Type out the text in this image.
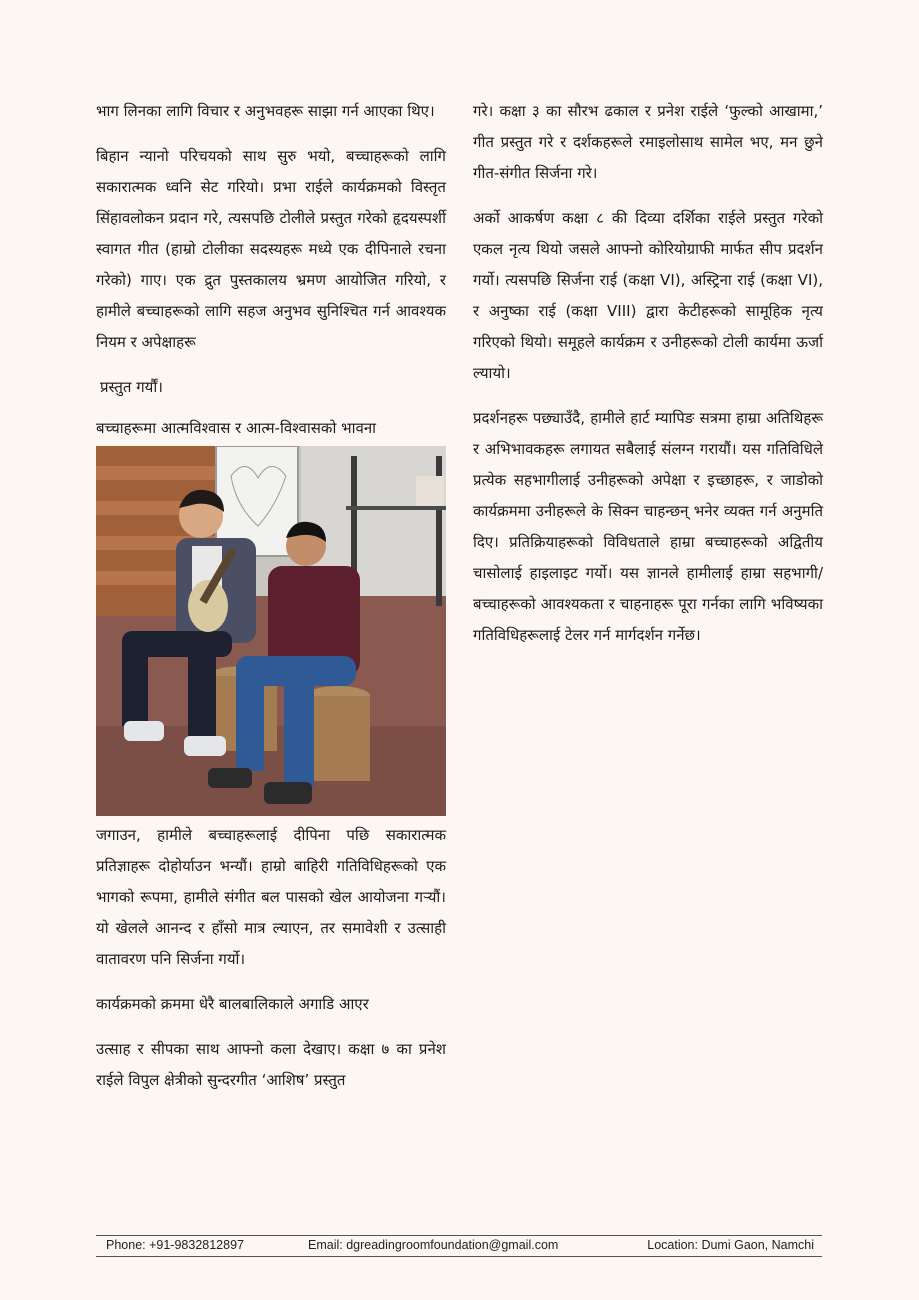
भाग लिनका लागि विचार र अनुभवहरू साझा गर्न आएका थिए।

बिहान न्यानो परिचयको साथ सुरु भयो, बच्चाहरूको लागि सकारात्मक ध्वनि सेट गरियो। प्रभा राईले कार्यक्रमको विस्तृत सिंहावलोकन प्रदान गरे, त्यसपछि टोलीले प्रस्तुत गरेको हृदयस्पर्शी स्वागत गीत (हाम्रो टोलीका सदस्यहरू मध्ये एक दीपिनाले रचना गरेको) गाए। एक द्रुत पुस्तकालय भ्रमण आयोजित गरियो, र हामीले बच्चाहरूको लागि सहज अनुभव सुनिश्चित गर्न आवश्यक नियम र अपेक्षाहरू

प्रस्तुत गर्यौं।

बच्चाहरूमा आत्मविश्वास र आत्म-विश्वासको भावना

जगाउन, हामीले बच्चाहरूलाई दीपिना पछि सकारात्मक प्रतिज्ञाहरू दोहोर्याउन भन्यौं। हाम्रो बाहिरी गतिविधिहरूको एक भागको रूपमा, हामीले संगीत बल पासको खेल आयोजना गर्‍यौं। यो खेलले आनन्द र हाँसो मात्र ल्याएन, तर समावेशी र उत्साही वातावरण पनि सिर्जना गर्यो।

कार्यक्रमको क्रममा धेरै बालबालिकाले अगाडि आएर

उत्साह र सीपका साथ आफ्नो कला देखाए। कक्षा ७ का प्रनेश राईले विपुल क्षेत्रीको सुन्दरगीत ‘आशिष’ प्रस्तुत

गरे। कक्षा ३ का सौरभ ढकाल र प्रनेश राईले ‘फुल्को आखामा,’ गीत प्रस्तुत गरे र दर्शकहरूले रमाइलोसाथ सामेल भए, मन छुने गीत-संगीत सिर्जना गरे।

अर्को आकर्षण कक्षा ८ की दिव्या दर्शिका राईले प्रस्तुत गरेको एकल नृत्य थियो जसले आफ्नो कोरियोग्राफी मार्फत सीप प्रदर्शन गर्यो। त्यसपछि सिर्जना राई (कक्षा VI), अस्ट्रिना राई (कक्षा VI), र अनुष्का राई (कक्षा VIII) द्वारा केटीहरूको सामूहिक नृत्य गरिएको थियो। समूहले कार्यक्रम र उनीहरूको टोली कार्यमा ऊर्जा ल्यायो।

प्रदर्शनहरू पछ्याउँदै, हामीले हार्ट म्यापिङ सत्रमा हाम्रा अतिथिहरू र अभिभावकहरू लगायत सबैलाई संलग्न गरायौं। यस गतिविधिले प्रत्येक सहभागीलाई उनीहरूको अपेक्षा र इच्छाहरू, र जाडोको कार्यक्रममा उनीहरूले के सिक्न चाहन्छन् भनेर व्यक्त गर्न अनुमति दिए। प्रतिक्रियाहरूको विविधताले हाम्रा बच्चाहरूको अद्वितीय चासोलाई हाइलाइट गर्यो। यस ज्ञानले हामीलाई हाम्रा सहभागी/बच्चाहरूको आवश्यकता र चाहनाहरू पूरा गर्नका लागि भविष्यका गतिविधिहरूलाई टेलर गर्न मार्गदर्शन गर्नेछ।

Phone: +91-9832812897	Email: dgreadingroomfoundation@gmail.com	Location: Dumi Gaon, Namchi
